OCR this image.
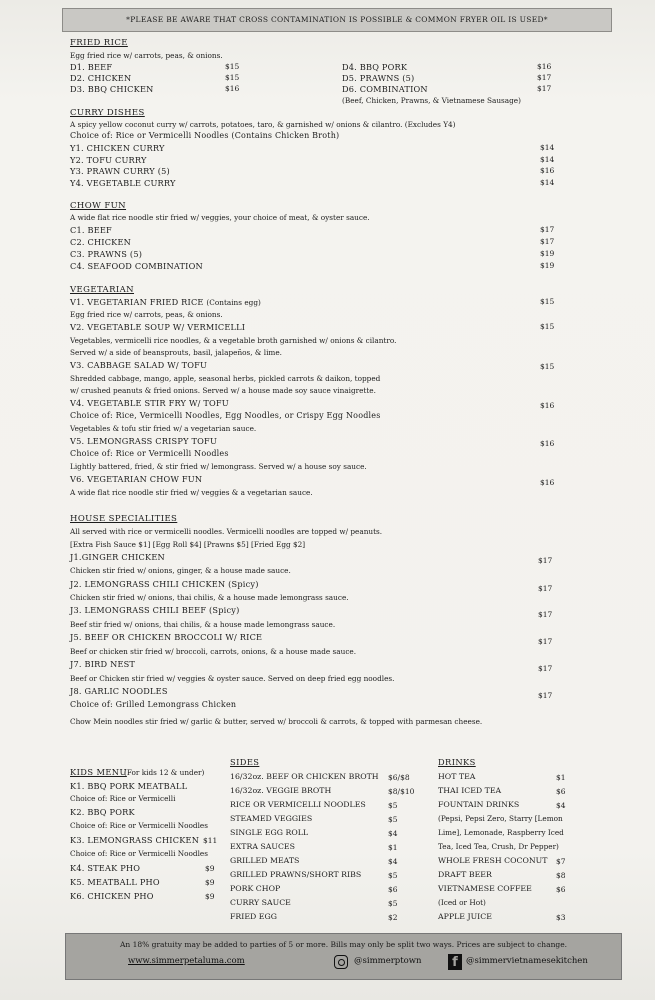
*PLEASE BE AWARE THAT CROSS CONTAMINATION IS POSSIBLE & COMMON FRYER OIL IS USED*
FRIED RICE
Egg fried rice w/ carrots, peas, & onions.
D1. BEEF	$15
D2. CHICKEN	$15
D3. BBQ CHICKEN	$16
D4. BBQ PORK	$16
D5. PRAWNS (5)	$17
D6. COMBINATION	$17
(Beef, Chicken, Prawns, & Vietnamese Sausage)
CURRY DISHES
A spicy yellow coconut curry w/ carrots, potatoes, taro, & garnished w/ onions & cilantro. (Excludes Y4)
Choice of: Rice or Vermicelli Noodles (Contains Chicken Broth)
Y1. CHICKEN CURRY	$14
Y2. TOFU CURRY	$14
Y3. PRAWN CURRY (5)	$16
Y4. VEGETABLE CURRY	$14
CHOW FUN
A wide flat rice noodle stir fried w/ veggies, your choice of meat, & oyster sauce.
C1. BEEF	$17
C2. CHICKEN	$17
C3. PRAWNS (5)	$19
C4. SEAFOOD COMBINATION	$19
VEGETARIAN
V1. VEGETARIAN FRIED RICE (Contains egg)	$15
Egg fried rice w/ carrots, peas, & onions.
V2. VEGETABLE SOUP W/ VERMICELLI	$15
Vegetables, vermicelli rice noodles, & a vegetable broth garnished w/ onions & cilantro.
Served w/ a side of beansprouts, basil, jalapeños, & lime.
V3. CABBAGE SALAD W/ TOFU	$15
Shredded cabbage, mango, apple, seasonal herbs, pickled carrots & daikon, topped
w/ crushed peanuts & fried onions. Served w/ a house made soy sauce vinaigrette.
V4. VEGETABLE STIR FRY W/ TOFU	$16
Choice of: Rice, Vermicelli Noodles, Egg Noodles, or Crispy Egg Noodles
Vegetables & tofu stir fried w/ a vegetarian sauce.
V5. LEMONGRASS CRISPY TOFU	$16
Choice of: Rice or Vermicelli Noodles
Lightly battered, fried, & stir fried w/ lemongrass. Served w/ a house soy sauce.
V6. VEGETARIAN CHOW FUN	$16
A wide flat rice noodle stir fried w/ veggies & a vegetarian sauce.
HOUSE SPECIALITIES
All served with rice or vermicelli noodles. Vermicelli noodles are topped w/ peanuts.
[Extra Fish Sauce $1] [Egg Roll $4] [Prawns $5] [Fried Egg $2]
J1.GINGER CHICKEN	$17
Chicken stir fried w/ onions, ginger, & a house made sauce.
J2. LEMONGRASS CHILI CHICKEN (Spicy)	$17
Chicken stir fried w/ onions, thai chilis, & a house made lemongrass sauce.
J3. LEMONGRASS CHILI BEEF (Spicy)	$17
Beef stir fried w/ onions, thai chilis, & a house made lemongrass sauce.
J5. BEEF OR CHICKEN BROCCOLI W/ RICE	$17
Beef or chicken stir fried w/ broccoli, carrots, onions, & a house made sauce.
J7. BIRD NEST	$17
Beef or Chicken stir fried w/ veggies & oyster sauce. Served on deep fried egg noodles.
J8. GARLIC NOODLES	$17
Choice of: Grilled Lemongrass Chicken
Chow Mein noodles stir fried w/ garlic & butter, served w/ broccoli & carrots, & topped with parmesan cheese.
KIDS MENU
(For kids 12 & under)
K1. BBQ PORK MEATBALL
Choice of: Rice or Vermicelli
K2. BBQ PORK
Choice of: Rice or Vermicelli Noodles
K3. LEMONGRASS CHICKEN $11
Choice of: Rice or Vermicelli Noodles
K4. STEAK PHO	$9
K5. MEATBALL PHO	$9
K6. CHICKEN PHO	$9
SIDES
16/32oz. BEEF OR CHICKEN BROTH $6/$8
16/32oz. VEGGIE BROTH	$8/$10
RICE OR VERMICELLI NOODLES	$5
STEAMED VEGGIES	$5
SINGLE EGG ROLL	$4
EXTRA SAUCES	$1
GRILLED MEATS	$4
GRILLED PRAWNS/SHORT RIBS	$5
PORK CHOP	$6
CURRY SAUCE	$5
FRIED EGG	$2
DRINKS
HOT TEA	$1
THAI ICED TEA	$6
FOUNTAIN DRINKS	$4
(Pepsi, Pepsi Zero, Starry [Lemon
Lime], Lemonade, Raspberry Iced
Tea, Iced Tea, Crush, Dr Pepper)
WHOLE FRESH COCONUT $7
DRAFT BEER	$8
VIETNAMESE COFFEE	$6
(Iced or Hot)
APPLE JUICE	$3
An 18% gratuity may be added to parties of 5 or more. Bills may only be split two ways. Prices are subject to change.
www.simmerpetaluma.com	@simmerptown	f @simmervietnamesekitchen
